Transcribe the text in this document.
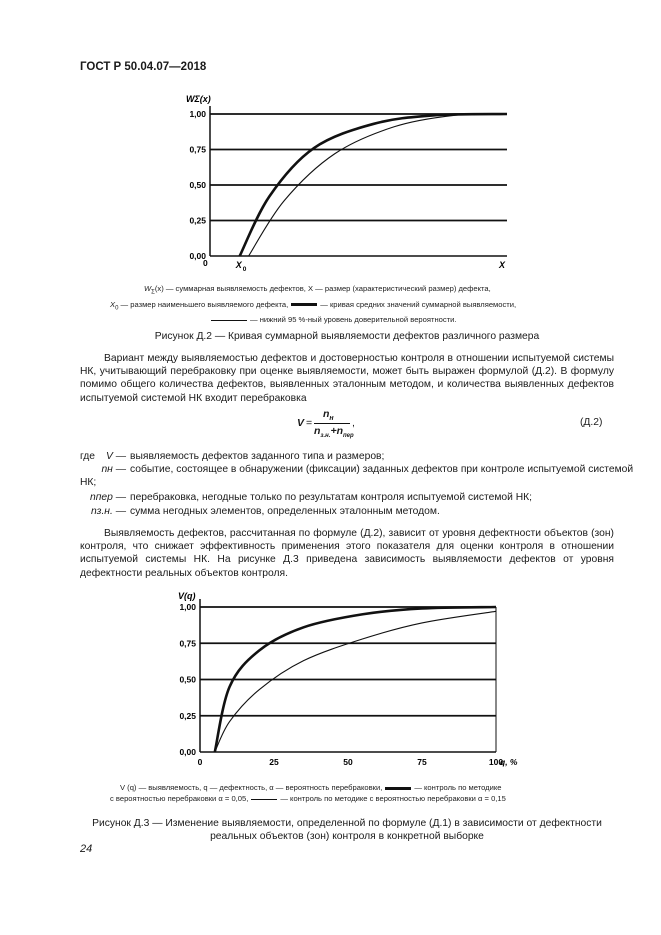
ГОСТ Р 50.04.07—2018
0,00
0,25
0,50
0,75
1,00
WΣ(x)
0	X 0	X
$W_\Sigma(x)$ — суммарная выявляемость дефектов, X — размер (характеристический размер) дефекта,
$X_0$ — размер наименьшего выявляемого дефекта,	— кривая средних значений суммарной выявляемости,
— нижний 95 %-ный уровень доверительной вероятности.
Рисунок Д.2 — Кривая суммарной выявляемости дефектов различного размера
Вариант между выявляемостью дефектов и достоверностью контроля в отношении испытуемой системы НК, учитывающий перебраковку при оценке выявляемости, может быть выражен формулой (Д.2). В формулу помимо общего количества дефектов, выявленных эталонным методом, и количества выявленных дефектов испытуемой системой НК входит перебраковка
V =
$n_н$
$n_{з.н.}+n_{пер}$
,	(Д.2)
где	V — выявляемость дефектов заданного типа и размеров;
nн — событие, состоящее в обнаружении (фиксации) заданных дефектов при контроле испытуемой системой
НК;
nпер — перебраковка, негодные только по результатам контроля испытуемой системой НК;
nз.н. — сумма негодных элементов, определенных эталонным методом.
Выявляемость дефектов, рассчитанная по формуле (Д.2), зависит от уровня дефектности объектов (зон) контроля, что снижает эффективность применения этого показателя для оценки контроля в отношении испытуемой системы НК. На рисунке Д.3 приведена зависимость выявляемости дефектов от уровня дефектности реальных объектов контроля.
0,00
0,25
0,50
0,75
1,00
0	25	50	75	100
V(q)
q, %
V (q) — выявляемость, q — дефектность, α — вероятность перебраковки,	— контроль по методике
с вероятностью перебраковки α = 0,05,	— контроль по методике с вероятностью перебраковки α = 0,15
Рисунок Д.3 — Изменение выявляемости, определенной по формуле (Д.1) в зависимости от дефектности
реальных объектов (зон) контроля в конкретной выборке
24
